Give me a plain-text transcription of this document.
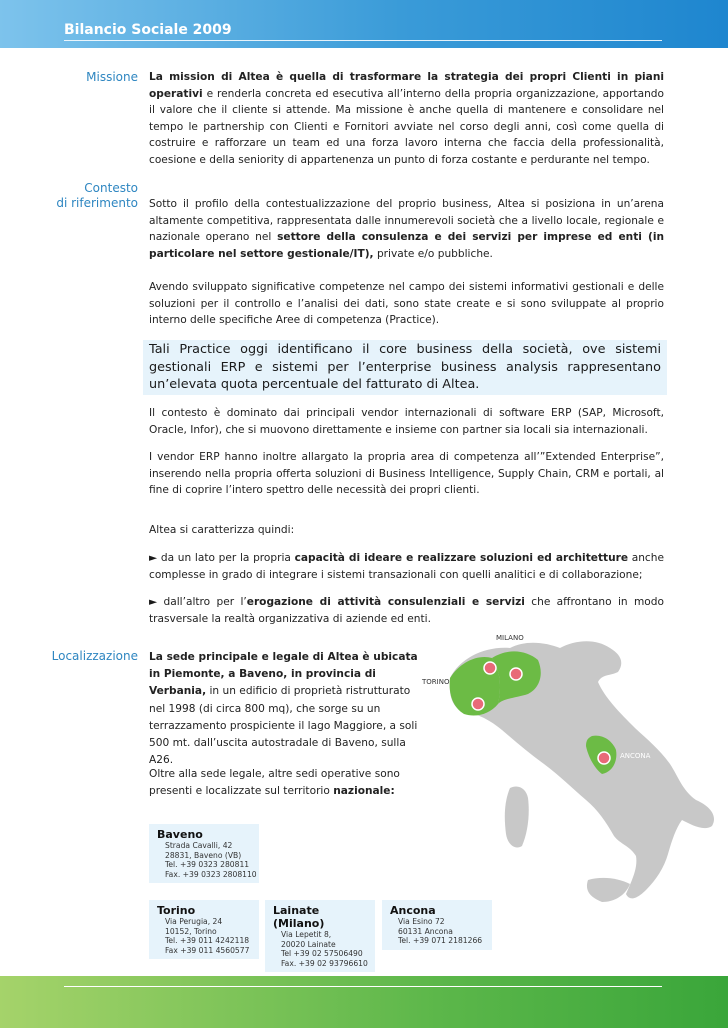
Bilancio Sociale 2009
Missione
Contesto
di riferimento
Localizzazione
La mission di Altea è quella di trasformare la strategia dei propri Clienti in piani operativi e renderla concreta ed esecutiva all’interno della propria organizzazione, apportando il valore che il cliente si attende. Ma missione è anche quella di mantenere e consolidare nel tempo le partnership con Clienti e Fornitori avviate nel corso degli anni, così come quella di costruire e rafforzare un team ed una forza lavoro interna che faccia della professionalità, coesione e della seniority di appartenenza un punto di forza costante e perdurante nel tempo.
Sotto il profilo della contestualizzazione del proprio business, Altea si posiziona in un’arena altamente competitiva, rappresentata dalle innumerevoli società che a livello locale, regionale e nazionale operano nel settore della consulenza e dei servizi per imprese ed enti (in particolare nel settore gestionale/IT), private e/o pubbliche.
Avendo sviluppato significative competenze nel campo dei sistemi informativi gestionali e delle soluzioni per il controllo e l’analisi dei dati, sono state create e si sono sviluppate al proprio interno delle specifiche Aree di competenza (Practice).
Tali Practice oggi identificano il core business della società, ove sistemi gestionali ERP e sistemi per l’enterprise business analysis rappresentano un’elevata quota percentuale del fatturato di Altea.
Il contesto è dominato dai principali vendor internazionali di software ERP (SAP, Microsoft, Oracle, Infor), che si muovono direttamente e insieme con partner sia locali sia internazionali.
I vendor ERP hanno inoltre allargato la propria area di competenza all’”Extended Enterprise”, inserendo nella propria offerta soluzioni di Business Intelligence, Supply Chain, CRM e portali, al fine di coprire l’intero spettro delle necessità dei propri clienti.
Altea si caratterizza quindi:
► da un lato per la propria capacità di ideare e realizzare soluzioni ed architetture anche complesse in grado di integrare i sistemi transazionali con quelli analitici e di collaborazione;
► dall’altro per l’erogazione di attività consulenziali e servizi che affrontano in modo trasversale la realtà organizzativa di aziende ed enti.
La sede principale e legale di Altea è ubicata in Piemonte, a Baveno, in provincia di Verbania, in un edificio di proprietà ristrutturato nel 1998 (di circa 800 mq), che sorge su un terrazzamento prospiciente il lago Maggiore, a soli 500 mt. dall’uscita autostradale di Baveno, sulla A26.
Oltre alla sede legale, altre sedi operative sono presenti e localizzate sul territorio nazionale:
MILANO
BAVENO
TORINO
ANCONA
Baveno
Strada Cavalli, 42
28831, Baveno (VB)
Tel. +39 0323 280811
Fax. +39 0323 2808110
Torino
Via Perugia, 24
10152, Torino
Tel. +39 011 4242118
Fax +39 011 4560577
Lainate (Milano)
Via Lepetit 8,
20020 Lainate
Tel +39 02 57506490
Fax. +39 02 93796610
Ancona
Via Esino 72
60131 Ancona
Tel. +39 071 2181266
